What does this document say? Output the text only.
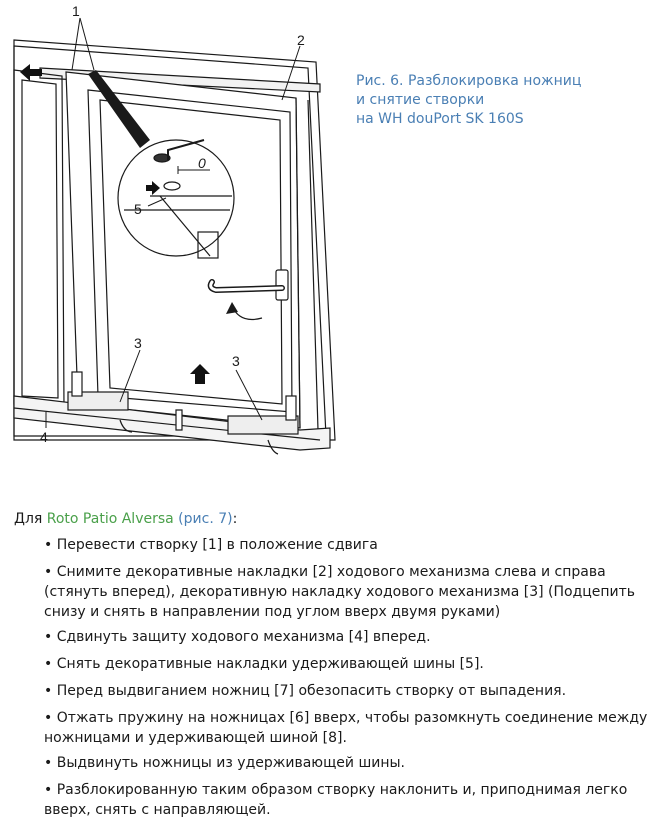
1
2
3
3
4
5
0
Рис. 6. Разблокировка ножниц
и снятие створки
на WH douPort SK 160S
Для Roto Patio Alversa (рис. 7):
• Перевести створку [1] в положение сдвига
• Снимите декоративные накладки [2] ходового механизма слева и справа (стянуть вперед), декоративную накладку ходового механизма [3] (Подцепить снизу и снять в направлении под углом вверх двумя руками)
• Сдвинуть защиту ходового механизма [4] вперед.
• Снять декоративные накладки удерживающей шины [5].
• Перед выдвиганием ножниц [7] обезопасить створку от выпадения.
• Отжать пружину на ножницах [6] вверх, чтобы разомкнуть соединение между ножницами и удерживающей шиной [8].
• Выдвинуть ножницы из удерживающей шины.
• Разблокированную таким образом створку наклонить и, приподнимая легко вверх, снять с направляющей.
